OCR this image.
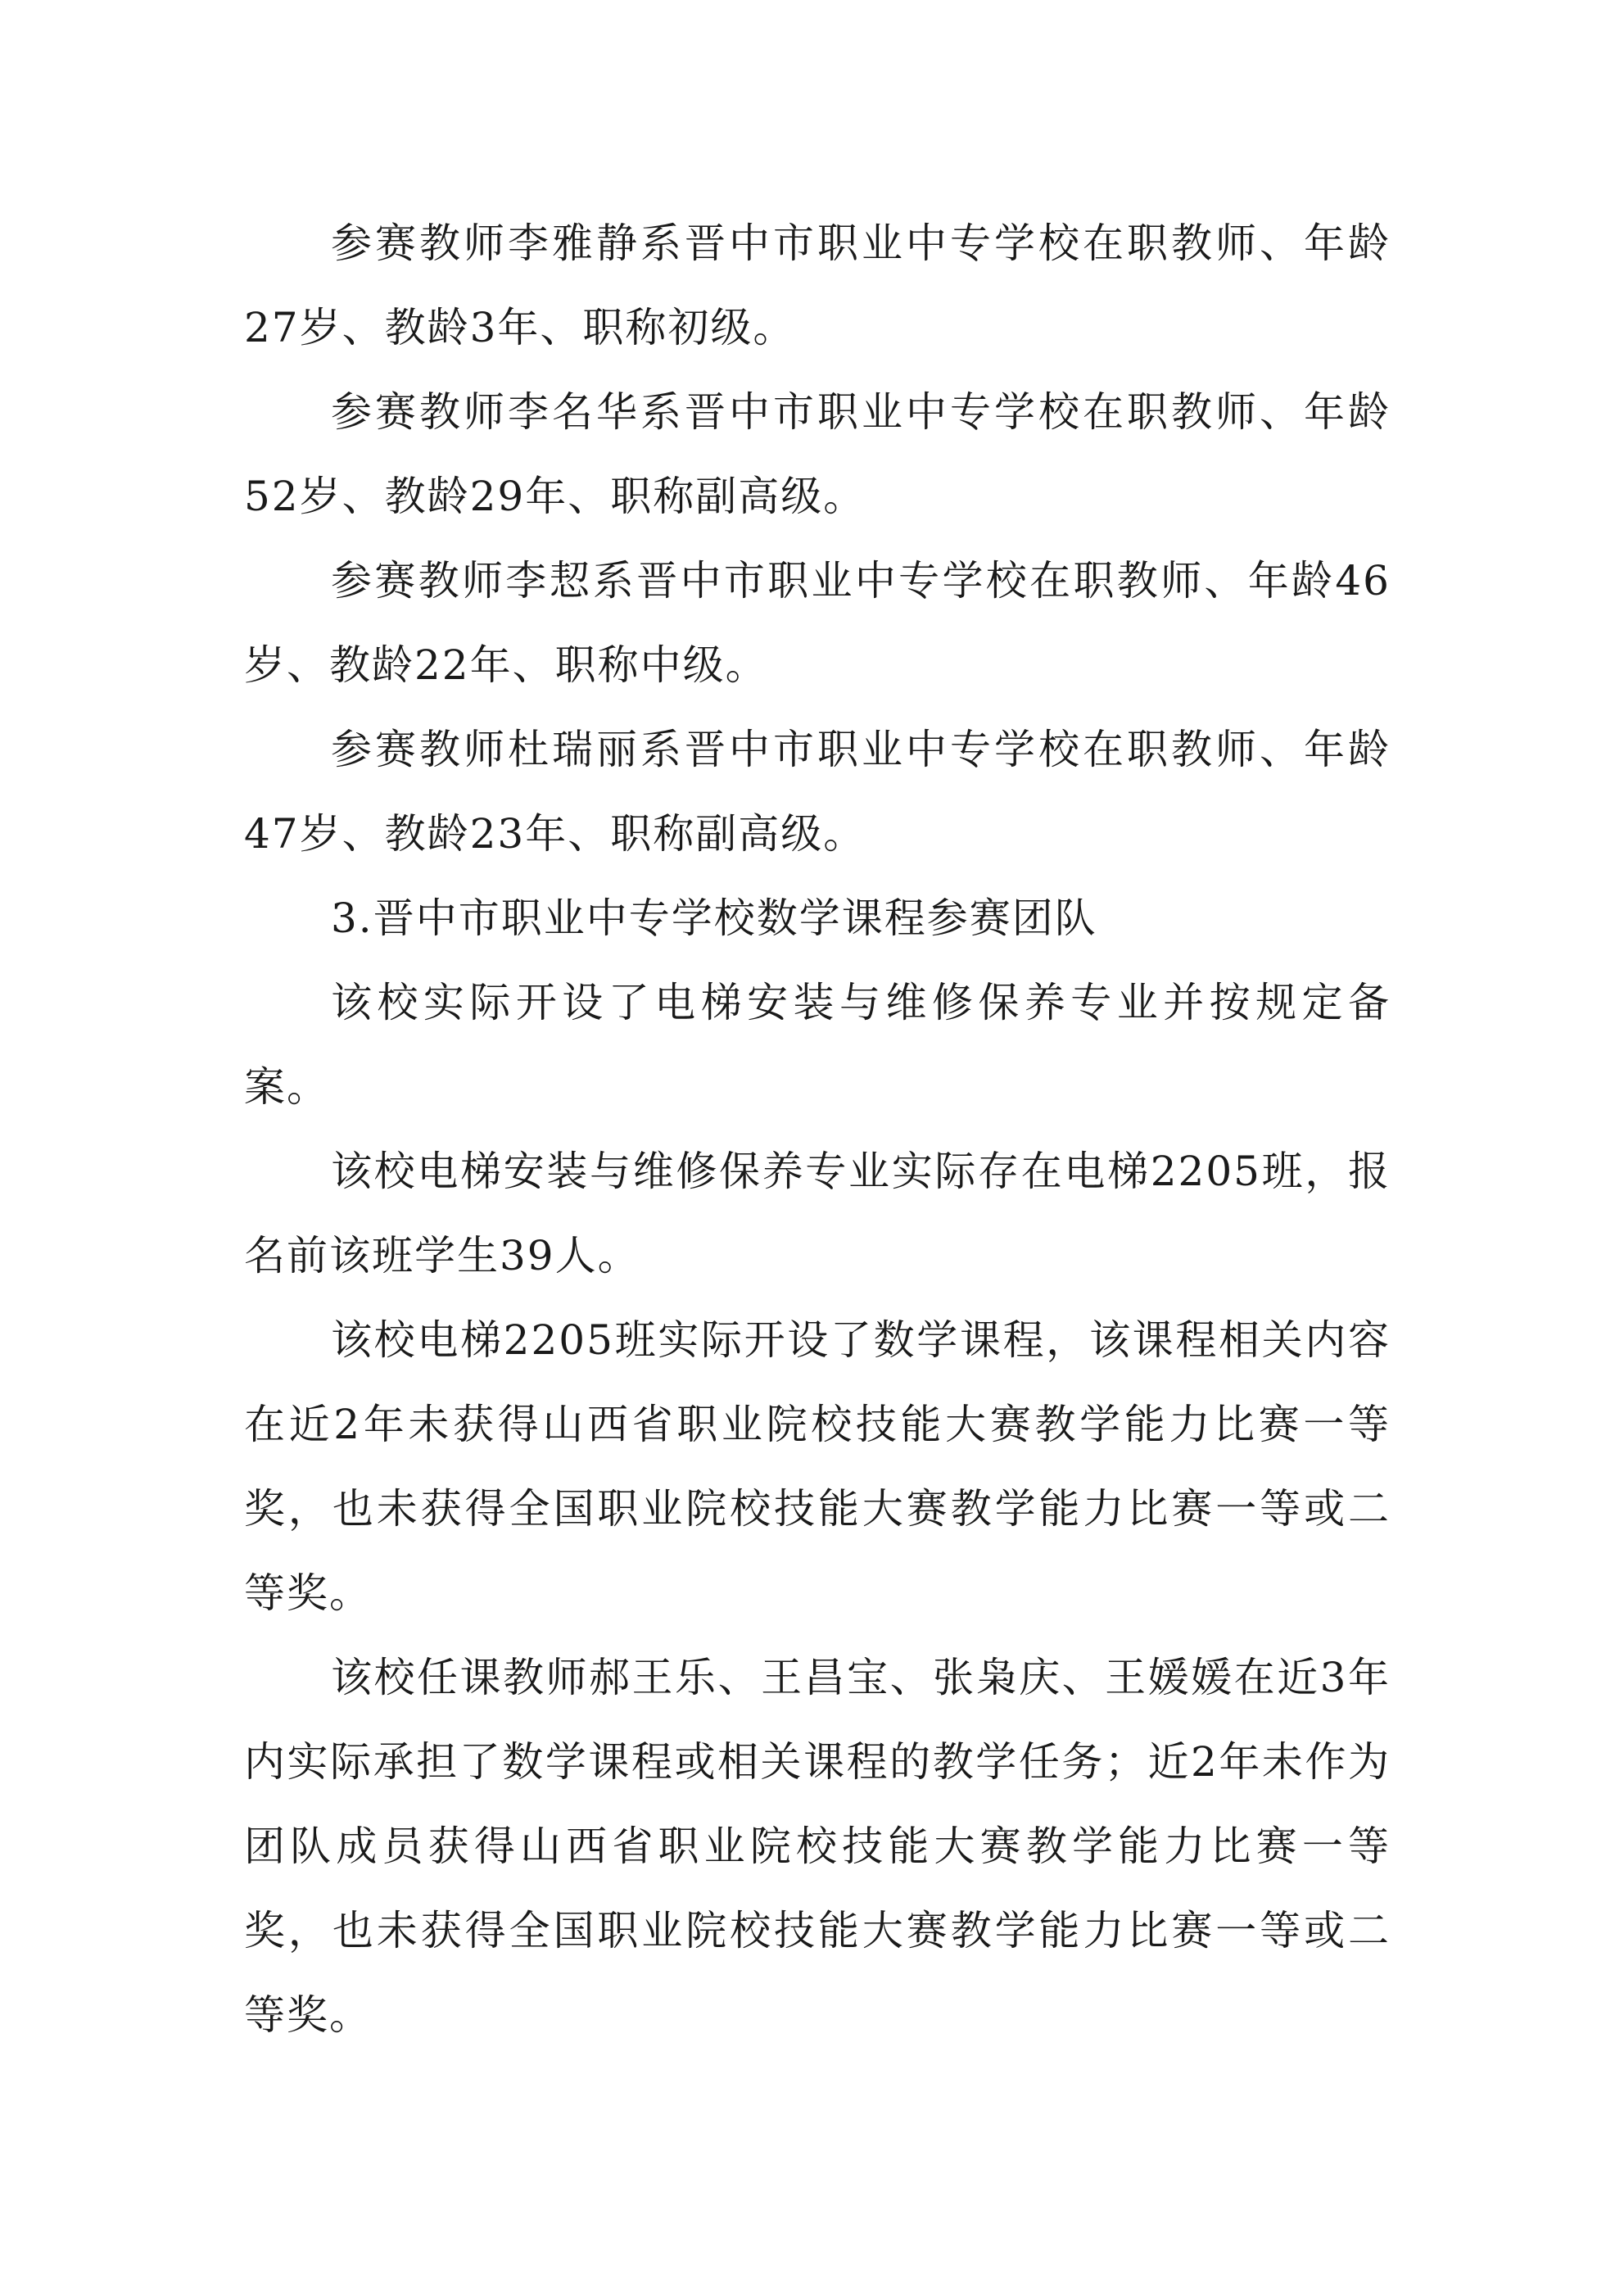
参赛教师李雅静系晋中市职业中专学校在职教师、年龄27岁、教龄3年、职称初级。

参赛教师李名华系晋中市职业中专学校在职教师、年龄52岁、教龄29年、职称副高级。

参赛教师李恝系晋中市职业中专学校在职教师、年龄46岁、教龄22年、职称中级。

参赛教师杜瑞丽系晋中市职业中专学校在职教师、年龄47岁、教龄23年、职称副高级。

3.晋中市职业中专学校数学课程参赛团队

该校实际开设了电梯安装与维修保养专业并按规定备案。

该校电梯安装与维修保养专业实际存在电梯2205班，报名前该班学生39人。

该校电梯2205班实际开设了数学课程，该课程相关内容在近2年未获得山西省职业院校技能大赛教学能力比赛一等奖，也未获得全国职业院校技能大赛教学能力比赛一等或二等奖。

该校任课教师郝王乐、王昌宝、张枭庆、王媛媛在近3年内实际承担了数学课程或相关课程的教学任务；近2年未作为团队成员获得山西省职业院校技能大赛教学能力比赛一等奖，也未获得全国职业院校技能大赛教学能力比赛一等或二等奖。
